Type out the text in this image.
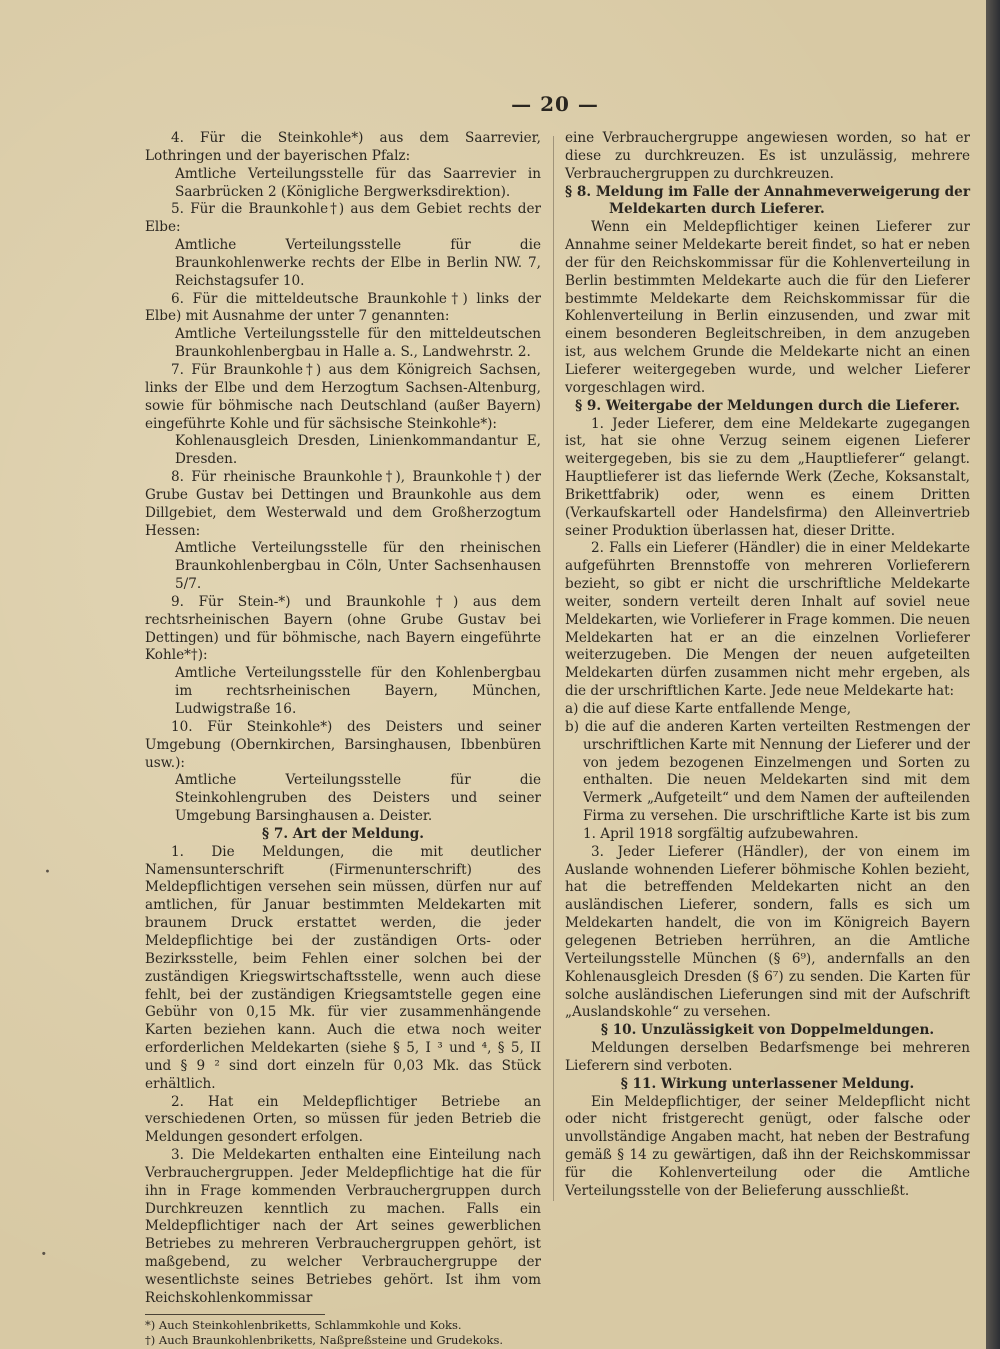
— 20 —

4. Für die Steinkohle*) aus dem Saarrevier, Lothringen und der bayerischen Pfalz:

Amtliche Verteilungsstelle für das Saarrevier in Saarbrücken 2 (Königliche Bergwerksdirektion).

5. Für die Braunkohle†) aus dem Gebiet rechts der Elbe:

Amtliche Verteilungsstelle für die Braunkohlenwerke rechts der Elbe in Berlin NW. 7, Reichstagsufer 10.

6. Für die mitteldeutsche Braunkohle†) links der Elbe) mit Ausnahme der unter 7 genannten:

Amtliche Verteilungsstelle für den mitteldeutschen Braunkohlenbergbau in Halle a. S., Landwehrstr. 2.

7. Für Braunkohle†) aus dem Königreich Sachsen, links der Elbe und dem Herzogtum Sachsen-Altenburg, sowie für böhmische nach Deutschland (außer Bayern) eingeführte Kohle und für sächsische Steinkohle*):

Kohlenausgleich Dresden, Linienkommandantur E, Dresden.

8. Für rheinische Braunkohle†), Braunkohle†) der Grube Gustav bei Dettingen und Braunkohle aus dem Dillgebiet, dem Westerwald und dem Großherzogtum Hessen:

Amtliche Verteilungsstelle für den rheinischen Braunkohlenbergbau in Cöln, Unter Sachsenhausen 5/7.

9. Für Stein-*) und Braunkohle†) aus dem rechtsrheinischen Bayern (ohne Grube Gustav bei Dettingen) und für böhmische, nach Bayern eingeführte Kohle*†):

Amtliche Verteilungsstelle für den Kohlenbergbau im rechtsrheinischen Bayern, München, Ludwigstraße 16.

10. Für Steinkohle*) des Deisters und seiner Umgebung (Obernkirchen, Barsinghausen, Ibbenbüren usw.):

Amtliche Verteilungsstelle für die Steinkohlengruben des Deisters und seiner Umgebung Barsinghausen a. Deister.

§ 7. Art der Meldung.

1. Die Meldungen, die mit deutlicher Namensunterschrift (Firmenunterschrift) des Meldepflichtigen versehen sein müssen, dürfen nur auf amtlichen, für Januar bestimmten Meldekarten mit braunem Druck erstattet werden, die jeder Meldepflichtige bei der zuständigen Orts- oder Bezirksstelle, beim Fehlen einer solchen bei der zuständigen Kriegswirtschaftsstelle, wenn auch diese fehlt, bei der zuständigen Kriegsamtstelle gegen eine Gebühr von 0,15 Mk. für vier zusammenhängende Karten beziehen kann. Auch die etwa noch weiter erforderlichen Meldekarten (siehe § 5, I ³ und ⁴, § 5, II und § 9 ² sind dort einzeln für 0,03 Mk. das Stück erhältlich.

2. Hat ein Meldepflichtiger Betriebe an verschiedenen Orten, so müssen für jeden Betrieb die Meldungen gesondert erfolgen.

3. Die Meldekarten enthalten eine Einteilung nach Verbrauchergruppen. Jeder Meldepflichtige hat die für ihn in Frage kommenden Verbrauchergruppen durch Durchkreuzen kenntlich zu machen. Falls ein Meldepflichtiger nach der Art seines gewerblichen Betriebes zu mehreren Verbrauchergruppen gehört, ist maßgebend, zu welcher Verbrauchergruppe der wesentlichste seines Betriebes gehört. Ist ihm vom Reichskohlenkommissar

*) Auch Steinkohlenbriketts, Schlammkohle und Koks.
†) Auch Braunkohlenbriketts, Naßpreßsteine und Grudekoks.

eine Verbrauchergruppe angewiesen worden, so hat er diese zu durchkreuzen. Es ist unzulässig, mehrere Verbrauchergruppen zu durchkreuzen.

§ 8. Meldung im Falle der Annahmeverweigerung der Meldekarten durch Lieferer.

Wenn ein Meldepflichtiger keinen Lieferer zur Annahme seiner Meldekarte bereit findet, so hat er neben der für den Reichskommissar für die Kohlenverteilung in Berlin bestimmten Meldekarte auch die für den Lieferer bestimmte Meldekarte dem Reichskommissar für die Kohlenverteilung in Berlin einzusenden, und zwar mit einem besonderen Begleitschreiben, in dem anzugeben ist, aus welchem Grunde die Meldekarte nicht an einen Lieferer weitergegeben wurde, und welcher Lieferer vorgeschlagen wird.

§ 9. Weitergabe der Meldungen durch die Lieferer.

1. Jeder Lieferer, dem eine Meldekarte zugegangen ist, hat sie ohne Verzug seinem eigenen Lieferer weitergegeben, bis sie zu dem „Hauptlieferer“ gelangt. Hauptlieferer ist das liefernde Werk (Zeche, Koksanstalt, Brikettfabrik) oder, wenn es einem Dritten (Verkaufskartell oder Handelsfirma) den Alleinvertrieb seiner Produktion überlassen hat, dieser Dritte.

2. Falls ein Lieferer (Händler) die in einer Meldekarte aufgeführten Brennstoffe von mehreren Vorlieferern bezieht, so gibt er nicht die urschriftliche Meldekarte weiter, sondern verteilt deren Inhalt auf soviel neue Meldekarten, wie Vorlieferer in Frage kommen. Die neuen Meldekarten hat er an die einzelnen Vorlieferer weiterzugeben. Die Mengen der neuen aufgeteilten Meldekarten dürfen zusammen nicht mehr ergeben, als die der urschriftlichen Karte. Jede neue Meldekarte hat:

a) die auf diese Karte entfallende Menge,

b) die auf die anderen Karten verteilten Restmengen der urschriftlichen Karte mit Nennung der Lieferer und der von jedem bezogenen Einzelmengen und Sorten zu enthalten. Die neuen Meldekarten sind mit dem Vermerk „Aufgeteilt“ und dem Namen der aufteilenden Firma zu versehen. Die urschriftliche Karte ist bis zum 1. April 1918 sorgfältig aufzubewahren.

3. Jeder Lieferer (Händler), der von einem im Auslande wohnenden Lieferer böhmische Kohlen bezieht, hat die betreffenden Meldekarten nicht an den ausländischen Lieferer, sondern, falls es sich um Meldekarten handelt, die von im Königreich Bayern gelegenen Betrieben herrühren, an die Amtliche Verteilungsstelle München (§ 6⁹), andernfalls an den Kohlenausgleich Dresden (§ 6⁷) zu senden. Die Karten für solche ausländischen Lieferungen sind mit der Aufschrift „Auslandskohle“ zu versehen.

§ 10. Unzulässigkeit von Doppelmeldungen.

Meldungen derselben Bedarfsmenge bei mehreren Lieferern sind verboten.

§ 11. Wirkung unterlassener Meldung.

Ein Meldepflichtiger, der seiner Meldepflicht nicht oder nicht fristgerecht genügt, oder falsche oder unvollständige Angaben macht, hat neben der Bestrafung gemäß § 14 zu gewärtigen, daß ihn der Reichskommissar für die Kohlenverteilung oder die Amtliche Verteilungsstelle von der Belieferung ausschließt.

·
·
